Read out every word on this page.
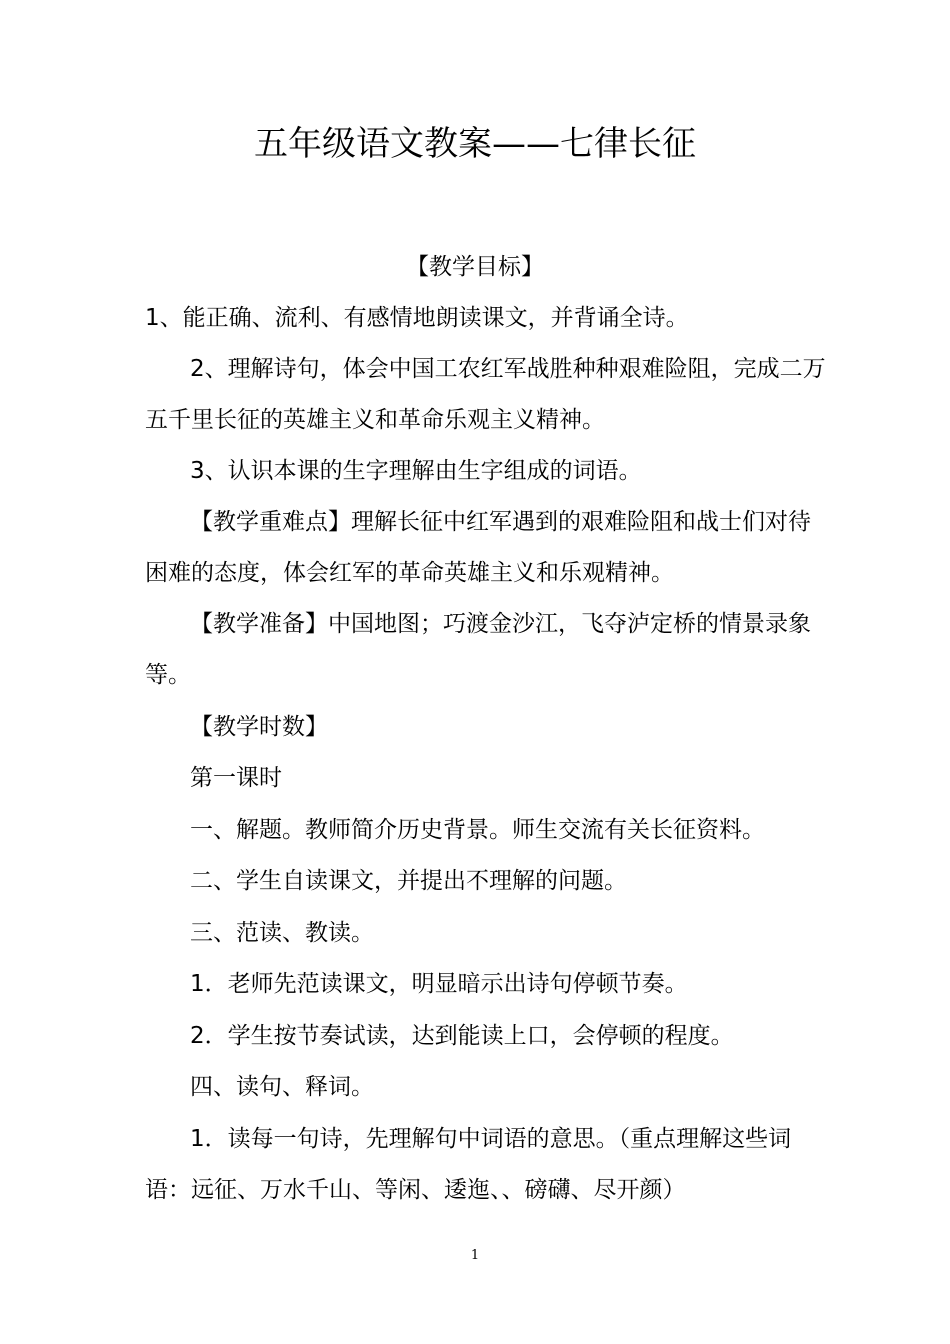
五年级语文教案——七律长征
【教学目标】
1、能正确、流利、有感情地朗读课文，并背诵全诗。
2、理解诗句，体会中国工农红军战胜种种艰难险阻，完成二万
五千里长征的英雄主义和革命乐观主义精神。
3、认识本课的生字理解由生字组成的词语。
【教学重难点】理解长征中红军遇到的艰难险阻和战士们对待
困难的态度，体会红军的革命英雄主义和乐观精神。
【教学准备】中国地图；巧渡金沙江，飞夺泸定桥的情景录象
等。
【教学时数】
第一课时
一、解题。教师简介历史背景。师生交流有关长征资料。
二、学生自读课文，并提出不理解的问题。
三、范读、教读。
1．老师先范读课文，明显暗示出诗句停顿节奏。
2．学生按节奏试读，达到能读上口，会停顿的程度。
四、读句、释词。
1．读每一句诗，先理解句中词语的意思。（重点理解这些词
语：远征、万水千山、等闲、逶迤、、磅礴、尽开颜）
1
